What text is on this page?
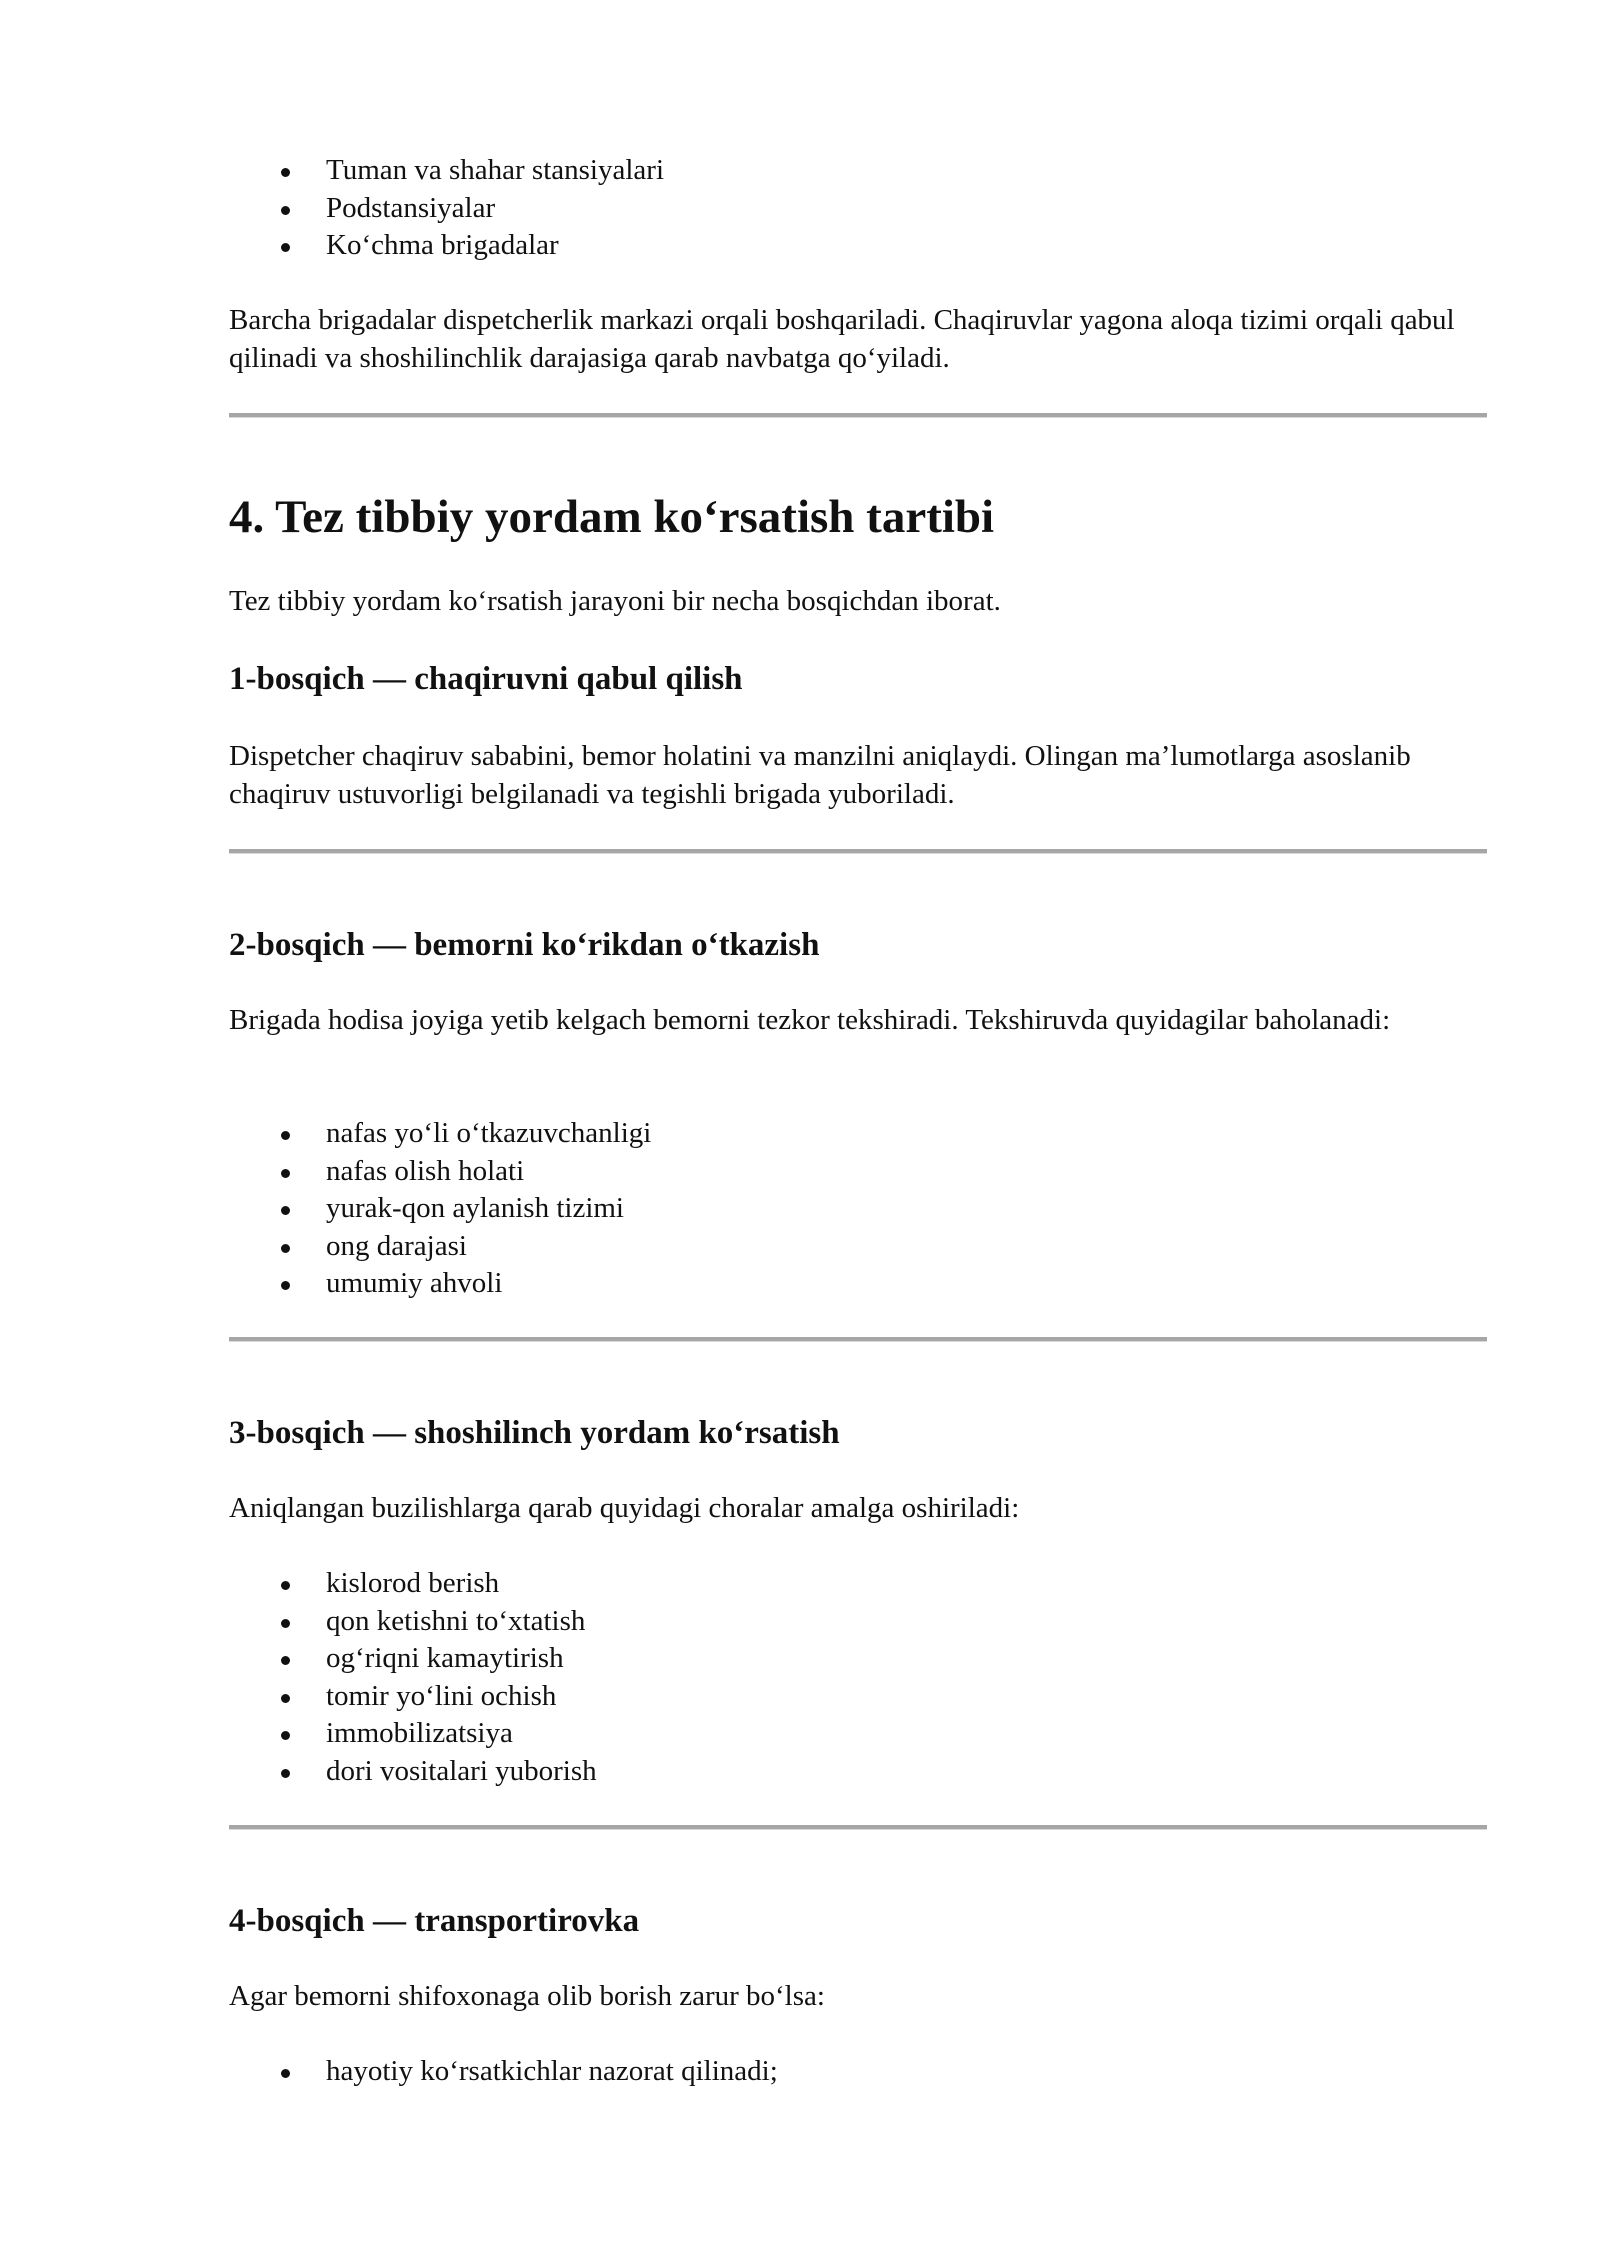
Tuman va shahar stansiyalari
Podstansiyalar
Koʻchma brigadalar

Barcha brigadalar dispetcherlik markazi orqali boshqariladi. Chaqiruvlar yagona aloqa tizimi orqali qabul qilinadi va shoshilinchlik darajasiga qarab navbatga qoʻyiladi.

4. Tez tibbiy yordam koʻrsatish tartibi

Tez tibbiy yordam koʻrsatish jarayoni bir necha bosqichdan iborat.

1-bosqich — chaqiruvni qabul qilish

Dispetcher chaqiruv sababini, bemor holatini va manzilni aniqlaydi. Olingan maʼlumotlarga asoslanib chaqiruv ustuvorligi belgilanadi va tegishli brigada yuboriladi.

2-bosqich — bemorni koʻrikdan oʻtkazish

Brigada hodisa joyiga yetib kelgach bemorni tezkor tekshiradi. Tekshiruvda quyidagilar baholanadi:

nafas yoʻli oʻtkazuvchanligi
nafas olish holati
yurak-qon aylanish tizimi
ong darajasi
umumiy ahvoli
3-bosqich — shoshilinch yordam koʻrsatish

Aniqlangan buzilishlarga qarab quyidagi choralar amalga oshiriladi:

kislorod berish
qon ketishni toʻxtatish
ogʻriqni kamaytirish
tomir yoʻlini ochish
immobilizatsiya
dori vositalari yuborish
4-bosqich — transportirovka

Agar bemorni shifoxonaga olib borish zarur boʻlsa:

hayotiy koʻrsatkichlar nazorat qilinadi;
